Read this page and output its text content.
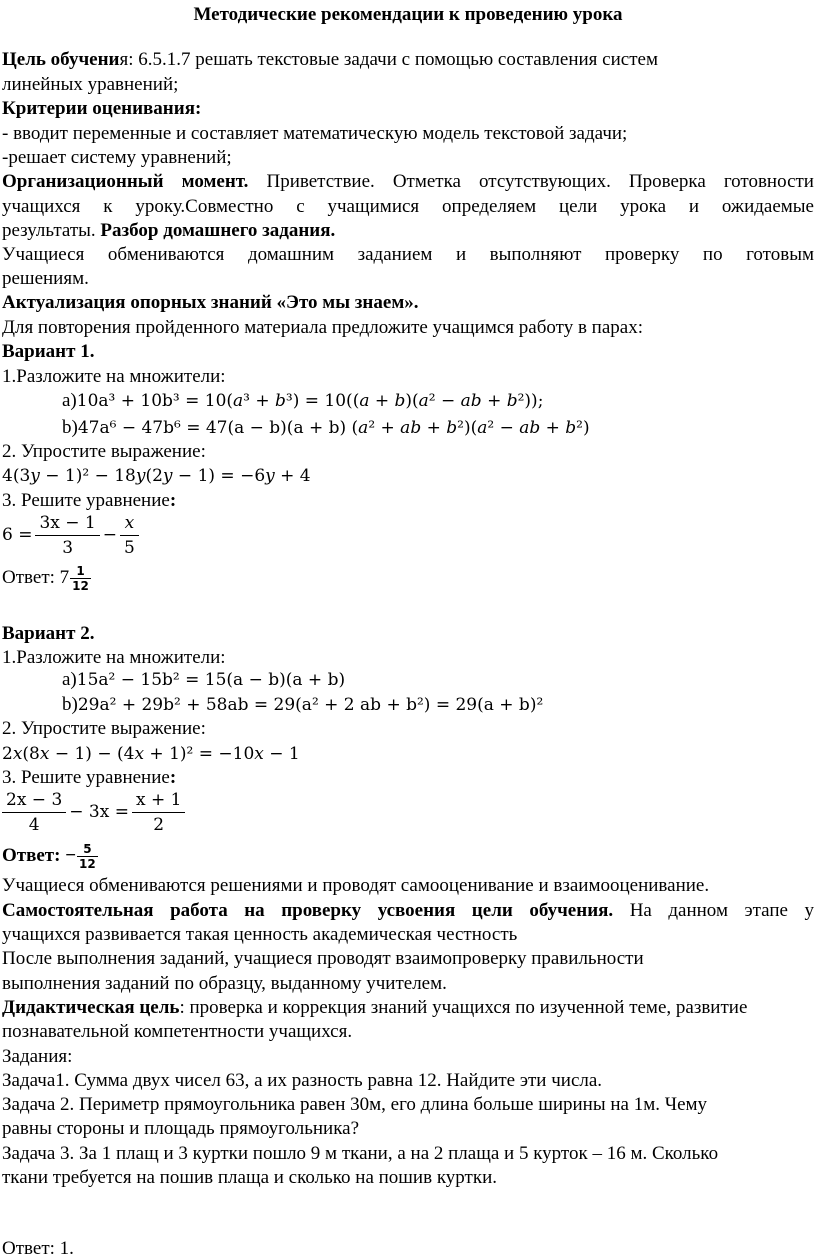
Методические рекомендации к проведению урока
Цель обучения: 6.5.1.7 решать текстовые задачи с помощью составления систем
линейных уравнений;
Критерии оценивания:
- вводит переменные и составляет математическую модель текстовой задачи;
-решает систему уравнений;
Организационный момент. Приветствие. Отметка отсутствующих. Проверка готовности
учащихся к уроку.Совместно с учащимися определяем цели урока и ожидаемые
результаты. Разбор домашнего задания.
Учащиеся обмениваются домашним заданием и выполняют проверку по готовым
решениям.
Актуализация опорных знаний «Это мы знаем».
Для повторения пройденного материала предложите учащимся работу в парах:
Вариант 1.
1.Разложите на множители:
а)10a³ + 10b³ = 10(𝑎³ + 𝑏³) = 10((𝑎 + 𝑏)(𝑎² − 𝑎𝑏 + 𝑏²));
b)47a⁶ − 47b⁶ = 47(a − b)(a + b) (𝑎² + 𝑎𝑏 + 𝑏²)(𝑎² − 𝑎𝑏 + 𝑏²)
2. Упростите выражение:
4(3𝑦 − 1)² − 18𝑦(2𝑦 − 1) = −6𝑦 + 4
3. Решите уравнение:
$6 = \frac{3x - 1}{3} - \frac{\text{𝑥}}{5}$
Ответ: $7 \frac{1}{12}$
Вариант 2.
1.Разложите на множители:
а)15a² − 15b² = 15(a − b)(a + b)
b)29a² + 29b² + 58ab = 29(a² + 2 ab + b²) = 29(a + b)²
2. Упростите выражение:
2𝑥(8𝑥 − 1) − (4𝑥 + 1)² = −10𝑥 − 1
3. Решите уравнение:
$\frac{2x - 3}{4} - 3x = \frac{x + 1}{2}$
Ответ: − $\frac{5}{12}$
Учащиеся обмениваются решениями и проводят самооценивание и взаимооценивание.
Самостоятельная работа на проверку усвоения цели обучения. На данном этапе у
учащихся развивается такая ценность академическая честность
После выполнения заданий, учащиеся проводят взаимопроверку правильности
выполнения заданий по образцу, выданному учителем.
Дидактическая цель: проверка и коррекция знаний учащихся по изученной теме, развитие
познавательной компетентности учащихся.
Задания:
Задача1. Сумма двух чисел 63, а их разность равна 12. Найдите эти числа.
Задача 2. Периметр прямоугольника равен 30м, его длина больше ширины на 1м. Чему
равны стороны и площадь прямоугольника?
Задача 3. За 1 плащ и 3 куртки пошло 9 м ткани, а на 2 плаща и 5 курток – 16 м. Сколько
ткани требуется на пошив плаща и сколько на пошив куртки.
Ответ: 1.
